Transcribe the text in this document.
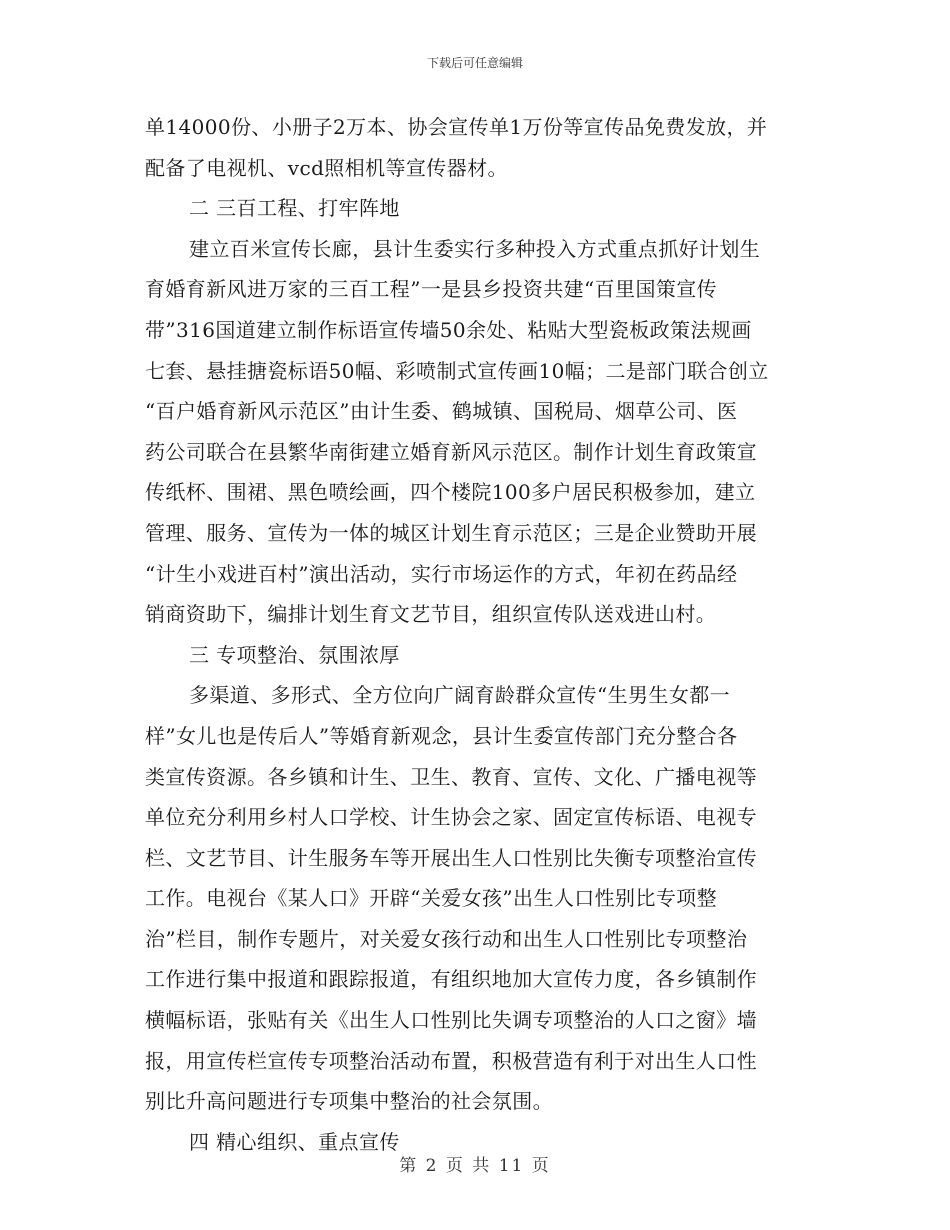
下载后可任意编辑
单14000份、小册子2万本、协会宣传单1万份等宣传品免费发放，并
配备了电视机、vcd照相机等宣传器材。
二 三百工程、打牢阵地
建立百米宣传长廊，县计生委实行多种投入方式重点抓好计划生
育婚育新风进万家的三百工程”一是县乡投资共建“百里国策宣传
带”316国道建立制作标语宣传墙50余处、粘贴大型瓷板政策法规画
七套、悬挂搪瓷标语50幅、彩喷制式宣传画10幅；二是部门联合创立
“百户婚育新风示范区”由计生委、鹤城镇、国税局、烟草公司、医
药公司联合在县繁华南街建立婚育新风示范区。制作计划生育政策宣
传纸杯、围裙、黑色喷绘画，四个楼院100多户居民积极参加，建立
管理、服务、宣传为一体的城区计划生育示范区；三是企业赞助开展
“计生小戏进百村”演出活动，实行市场运作的方式，年初在药品经
销商资助下，编排计划生育文艺节目，组织宣传队送戏进山村。
三 专项整治、氛围浓厚
多渠道、多形式、全方位向广阔育龄群众宣传“生男生女都一
样”女儿也是传后人”等婚育新观念，县计生委宣传部门充分整合各
类宣传资源。各乡镇和计生、卫生、教育、宣传、文化、广播电视等
单位充分利用乡村人口学校、计生协会之家、固定宣传标语、电视专
栏、文艺节目、计生服务车等开展出生人口性别比失衡专项整治宣传
工作。电视台《某人口》开辟“关爱女孩”出生人口性别比专项整
治”栏目，制作专题片，对关爱女孩行动和出生人口性别比专项整治
工作进行集中报道和跟踪报道，有组织地加大宣传力度，各乡镇制作
横幅标语，张贴有关《出生人口性别比失调专项整治的人口之窗》墙
报，用宣传栏宣传专项整治活动布置，积极营造有利于对出生人口性
别比升高问题进行专项集中整治的社会氛围。
四 精心组织、重点宣传
第 2 页 共 11 页
